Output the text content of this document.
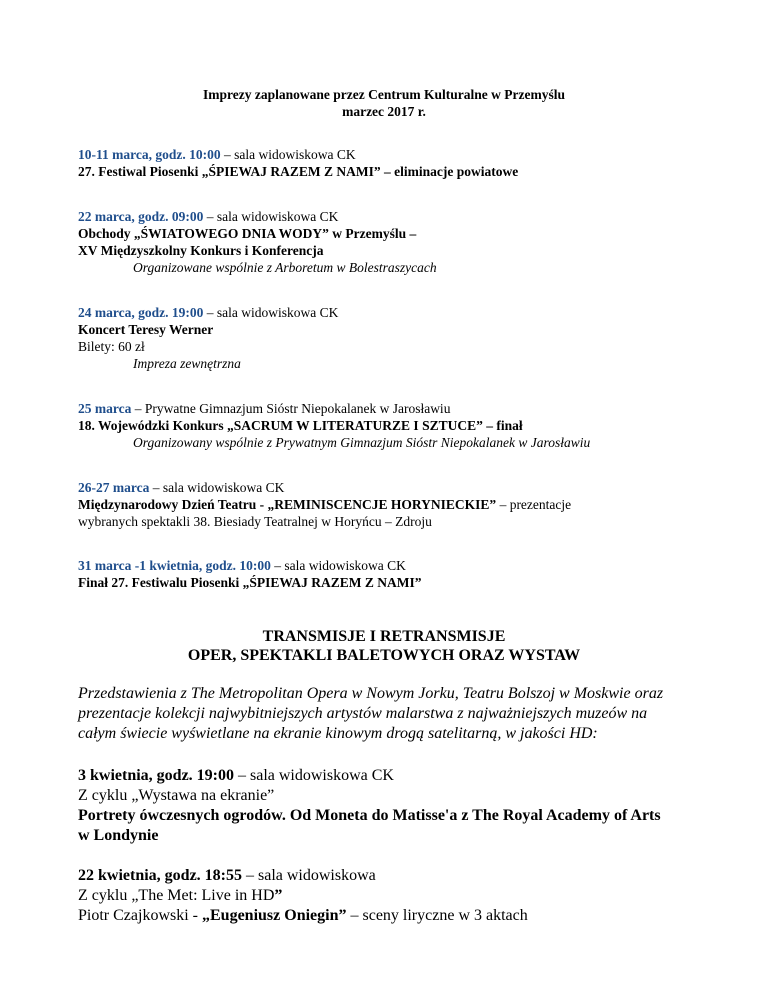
Imprezy zaplanowane przez Centrum Kulturalne w Przemyślu
marzec 2017 r.
10-11 marca, godz. 10:00 – sala widowiskowa CK
27. Festiwal Piosenki „ŚPIEWAJ RAZEM Z NAMI” – eliminacje powiatowe
22 marca, godz. 09:00 – sala widowiskowa CK
Obchody „ŚWIATOWEGO DNIA WODY” w Przemyślu –
XV Międzyszkolny Konkurs i Konferencja
Organizowane wspólnie z Arboretum w Bolestraszycach
24 marca, godz. 19:00 – sala widowiskowa CK
Koncert Teresy Werner
Bilety: 60 zł
Impreza zewnętrzna
25 marca – Prywatne Gimnazjum Sióstr Niepokalanek w Jarosławiu
18. Wojewódzki Konkurs „SACRUM W LITERATURZE I SZTUCE” – finał
Organizowany wspólnie z Prywatnym Gimnazjum Sióstr Niepokalanek w Jarosławiu
26-27 marca – sala widowiskowa CK
Międzynarodowy Dzień Teatru - „REMINISCENCJE HORYNIECKIE” – prezentacje
wybranych spektakli 38. Biesiady Teatralnej w Horyńcu – Zdroju
31 marca -1 kwietnia, godz. 10:00 – sala widowiskowa CK
Finał 27. Festiwalu Piosenki „ŚPIEWAJ RAZEM Z NAMI”
TRANSMISJE I RETRANSMISJE
OPER, SPEKTAKLI BALETOWYCH ORAZ WYSTAW
Przedstawienia z The Metropolitan Opera w Nowym Jorku, Teatru Bolszoj w Moskwie oraz
prezentacje kolekcji najwybitniejszych artystów malarstwa z najważniejszych muzeów na
całym świecie wyświetlane na ekranie kinowym drogą satelitarną, w jakości HD:
3 kwietnia, godz. 19:00 – sala widowiskowa CK
Z cyklu „Wystawa na ekranie”
Portrety ówczesnych ogrodów. Od Moneta do Matisse'a z The Royal Academy of Arts
w Londynie
22 kwietnia, godz. 18:55 – sala widowiskowa
Z cyklu „The Met: Live in HD”
Piotr Czajkowski - „Eugeniusz Oniegin” – sceny liryczne w 3 aktach
